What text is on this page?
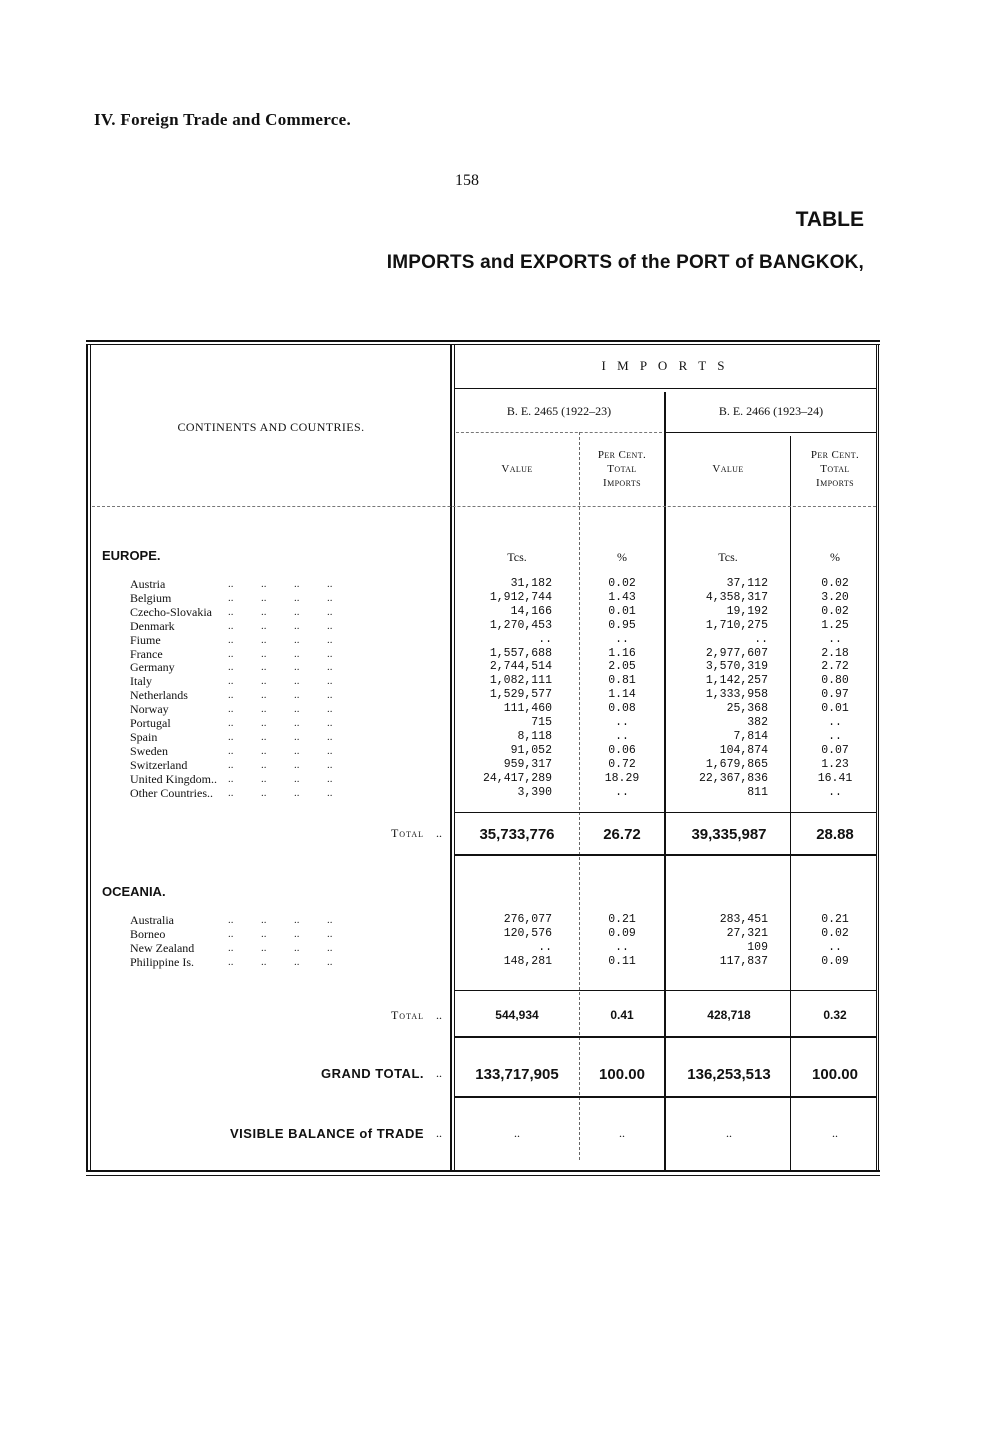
IV. Foreign Trade and Commerce.
158
TABLE
IMPORTS and EXPORTS of the PORT of BANGKOK,
I M P O R T S
B. E. 2465 (1922–23)	B. E. 2466 (1923–24)
CONTINENTS AND COUNTRIES.
Value
Per Cent.
Total
Imports
Value
Per Cent.
Total
Imports
Tcs.	%	Tcs.	%
EUROPE.
OCEANIA.
..          ..          ..          ..
Austria	31,182	0.02	37,112	0.02
..          ..          ..          ..
Belgium	1,912,744	1.43	4,358,317	3.20
..          ..          ..          ..
Czecho-Slovakia	14,166	0.01	19,192	0.02
..          ..          ..          ..
Denmark	1,270,453	0.95	1,710,275	1.25
..          ..          ..          ..
Fiume	..	..	..	..
..          ..          ..          ..
France	1,557,688	1.16	2,977,607	2.18
..          ..          ..          ..
Germany	2,744,514	2.05	3,570,319	2.72
..          ..          ..          ..
Italy	1,082,111	0.81	1,142,257	0.80
..          ..          ..          ..
Netherlands	1,529,577	1.14	1,333,958	0.97
..          ..          ..          ..
Norway	111,460	0.08	25,368	0.01
..          ..          ..          ..
Portugal	715	..	382	..
..          ..          ..          ..
Spain	8,118	..	7,814	..
..          ..          ..          ..
Sweden	91,052	0.06	104,874	0.07
..          ..          ..          ..
Switzerland	959,317	0.72	1,679,865	1.23
..          ..          ..          ..
United Kingdom..	24,417,289	18.29	22,367,836	16.41
..          ..          ..          ..
Other Countries..	3,390	..	811	..
..          ..          ..          ..
Australia	276,077	0.21	283,451	0.21
..          ..          ..          ..
Borneo	120,576	0.09	27,321	0.02
..          ..          ..          ..
New Zealand	..	..	109	..
..          ..          ..          ..
Philippine Is.	148,281	0.11	117,837	0.09
Total ..	35,733,776	26.72	39,335,987	28.88
Total ..	544,934	0.41	428,718	0.32
GRAND TOTAL. ..	133,717,905	100.00	136,253,513	100.00
VISIBLE BALANCE of TRADE ..	..	..	..	..
